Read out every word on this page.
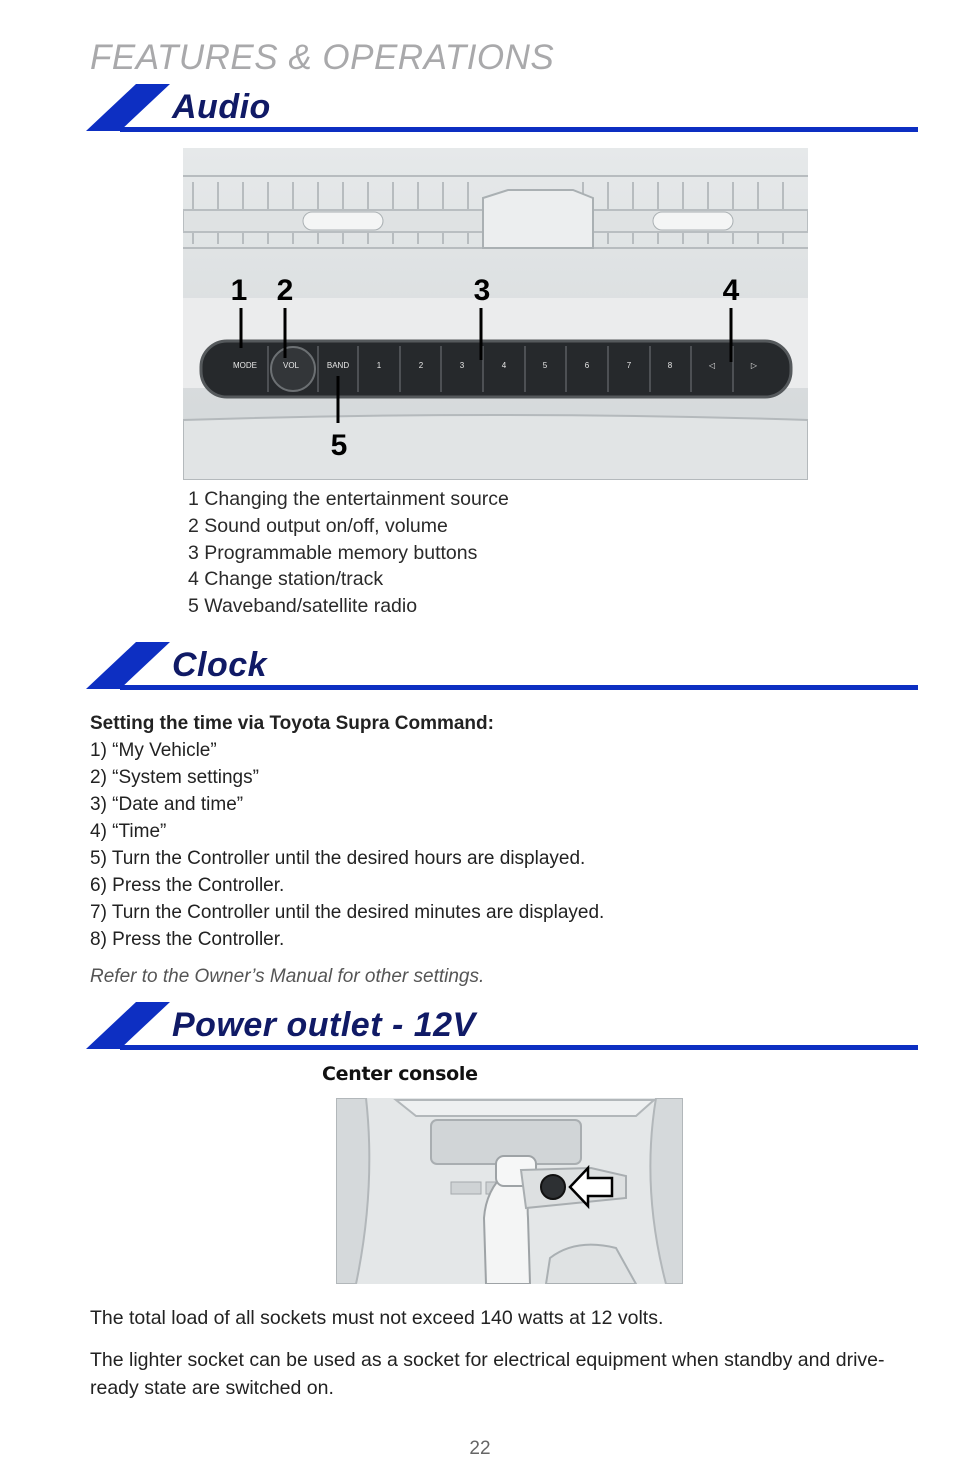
FEATURES & OPERATIONS
Audio
MODE	VOL	BAND	1	2	3	4	5	6	7	8	◁	▷
1 2	3	4
5
1 Changing the entertainment source
2 Sound output on/off, volume
3 Programmable memory buttons
4 Change station/track
5 Waveband/satellite radio
Clock

Setting the time via Toyota Supra Command:

1) “My Vehicle”
2) “System settings”
3) “Date and time”
4) “Time”
5) Turn the Controller until the desired hours are displayed.
6) Press the Controller.
7) Turn the Controller until the desired minutes are displayed.
8) Press the Controller.

Refer to the Owner’s Manual for other settings.

Power outlet - 12V

Center console

The total load of all sockets must not exceed 140 watts at 12 volts.

The lighter socket can be used as a socket for electrical equipment when standby and drive-ready state are switched on.

22
